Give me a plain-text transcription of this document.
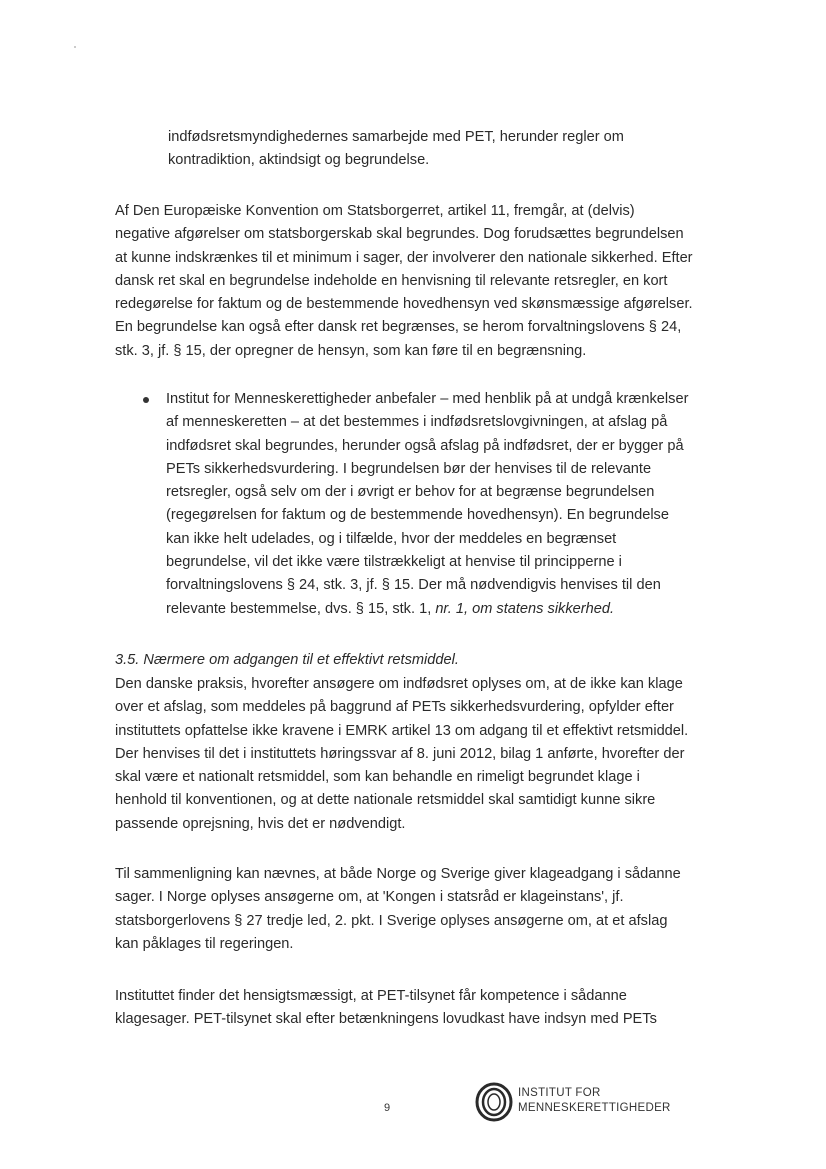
indfødsretsmyndighedernes samarbejde med PET, herunder regler om
kontradiktion, aktindsigt og begrundelse.
Af Den Europæiske Konvention om Statsborgerret, artikel 11, fremgår, at (delvis)
negative afgørelser om statsborgerskab skal begrundes. Dog forudsættes begrundelsen
at kunne indskrænkes til et minimum i sager, der involverer den nationale sikkerhed. Efter
dansk ret skal en begrundelse indeholde en henvisning til relevante retsregler, en kort
redegørelse for faktum og de bestemmende hovedhensyn ved skønsmæssige afgørelser.
En begrundelse kan også efter dansk ret begrænses, se herom forvaltningslovens § 24,
stk. 3, jf. § 15, der opregner de hensyn, som kan føre til en begrænsning.
Institut for Menneskerettigheder anbefaler – med henblik på at undgå krænkelser
af menneskeretten – at det bestemmes i indfødsretslovgivningen, at afslag på
indfødsret skal begrundes, herunder også afslag på indfødsret, der er bygger på
PETs sikkerhedsvurdering. I begrundelsen bør der henvises til de relevante
retsregler, også selv om der i øvrigt er behov for at begrænse begrundelsen
(regegørelsen for faktum og de bestemmende hovedhensyn). En begrundelse
kan ikke helt udelades, og i tilfælde, hvor der meddeles en begrænset
begrundelse, vil det ikke være tilstrækkeligt at henvise til principperne i
forvaltningslovens § 24, stk. 3, jf. § 15. Der må nødvendigvis henvises til den
relevante bestemmelse, dvs. § 15, stk. 1, nr. 1, om statens sikkerhed.
3.5. Nærmere om adgangen til et effektivt retsmiddel.
Den danske praksis, hvorefter ansøgere om indfødsret oplyses om, at de ikke kan klage
over et afslag, som meddeles på baggrund af PETs sikkerhedsvurdering, opfylder efter
instituttets opfattelse ikke kravene i EMRK artikel 13 om adgang til et effektivt retsmiddel.
Der henvises til det i instituttets høringssvar af 8. juni 2012, bilag 1 anførte, hvorefter der
skal være et nationalt retsmiddel, som kan behandle en rimeligt begrundet klage i
henhold til konventionen, og at dette nationale retsmiddel skal samtidigt kunne sikre
passende oprejsning, hvis det er nødvendigt.
Til sammenligning kan nævnes, at både Norge og Sverige giver klageadgang i sådanne
sager. I Norge oplyses ansøgerne om, at 'Kongen i statsråd er klageinstans', jf.
statsborgerlovens § 27 tredje led, 2. pkt. I Sverige oplyses ansøgerne om, at et afslag
kan påklages til regeringen.
Instituttet finder det hensigtsmæssigt, at PET-tilsynet får kompetence i sådanne
klagesager. PET-tilsynet skal efter betænkningens lovudkast have indsyn med PETs
9
INSTITUT FOR
MENNESKERETTIGHEDER
